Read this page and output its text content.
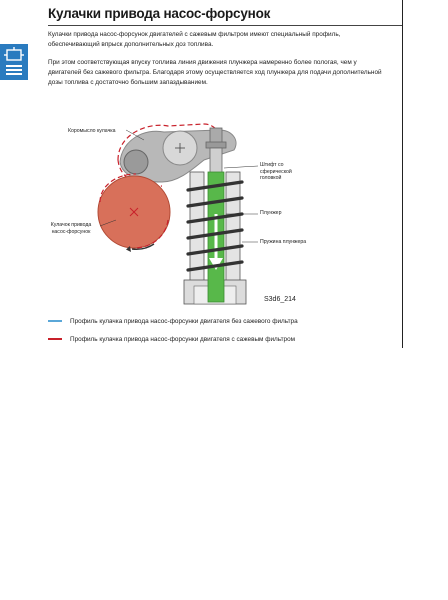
Кулачки привода насос-форсунок
Кулачки привода насос-форсунок двигателей с сажевым фильтром имеют специальный профиль, обеспечивающий впрыск дополнительных доз топлива.
При этом соответствующая впуску топлива линия движения плунжера намеренно более пологая, чем у двигателей без сажевого фильтра. Благодаря этому осуществляется ход плунжера для подачи дополнительной дозы топлива с достаточно большим запаздыванием.
Коромысло кулачка
Кулачок привода насос-форсунок
Штифт со сферической головкой
Плунжер
Пружина плунжера
S3d6_214
Профиль кулачка привода насос-форсунки двигателя без сажевого фильтра
Профиль кулачка привода насос-форсунки двигателя с сажевым фильтром
